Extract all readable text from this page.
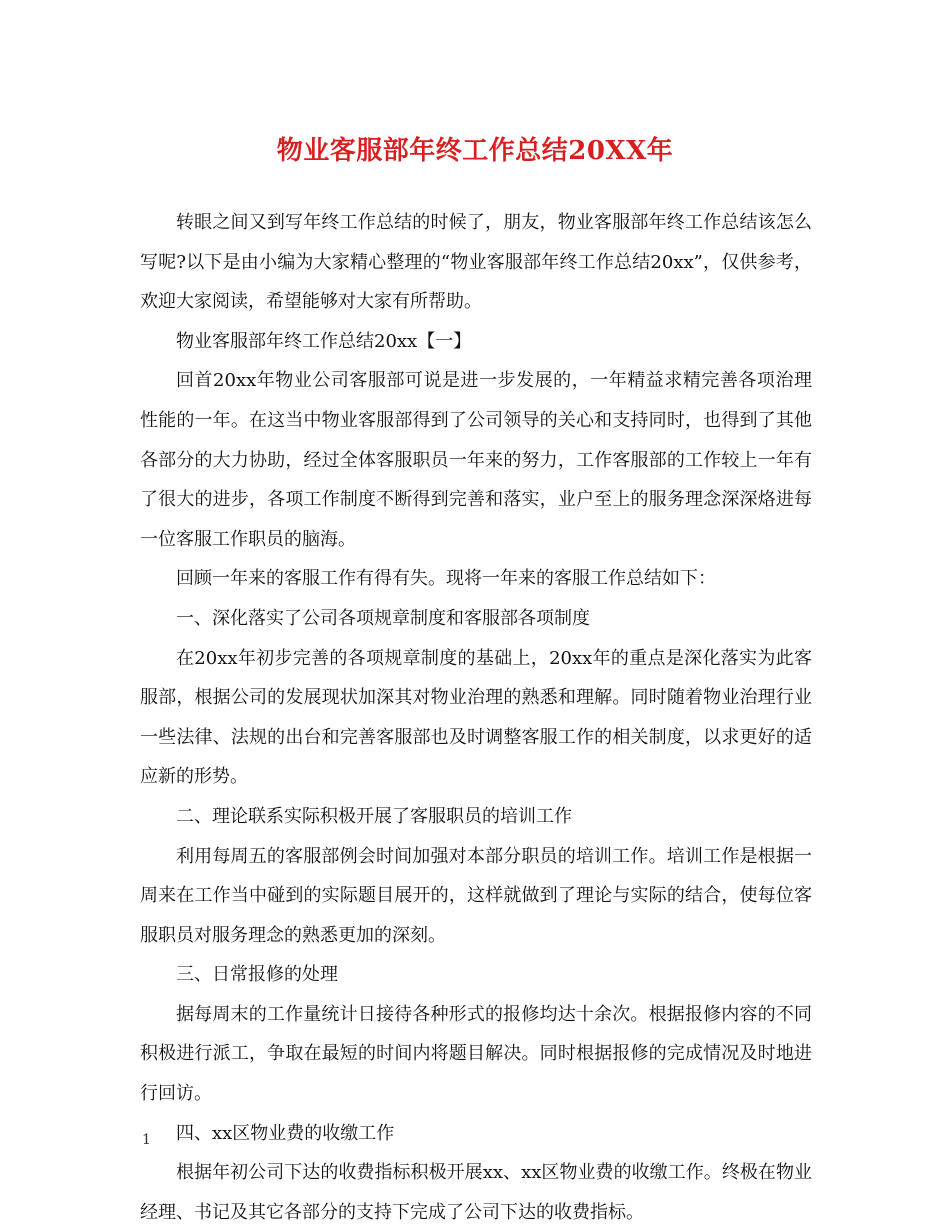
物业客服部年终工作总结20XX年

转眼之间又到写年终工作总结的时候了，朋友，物业客服部年终工作总结该怎么写呢?以下是由小编为大家精心整理的“物业客服部年终工作总结20xx”，仅供参考，欢迎大家阅读，希望能够对大家有所帮助。

物业客服部年终工作总结20xx【一】

回首20xx年物业公司客服部可说是进一步发展的，一年精益求精完善各项治理性能的一年。在这当中物业客服部得到了公司领导的关心和支持同时，也得到了其他各部分的大力协助，经过全体客服职员一年来的努力，工作客服部的工作较上一年有了很大的进步，各项工作制度不断得到完善和落实，业户至上的服务理念深深烙进每一位客服工作职员的脑海。

回顾一年来的客服工作有得有失。现将一年来的客服工作总结如下：

一、深化落实了公司各项规章制度和客服部各项制度

在20xx年初步完善的各项规章制度的基础上，20xx年的重点是深化落实为此客服部，根据公司的发展现状加深其对物业治理的熟悉和理解。同时随着物业治理行业一些法律、法规的出台和完善客服部也及时调整客服工作的相关制度，以求更好的适应新的形势。

二、理论联系实际积极开展了客服职员的培训工作

利用每周五的客服部例会时间加强对本部分职员的培训工作。培训工作是根据一周来在工作当中碰到的实际题目展开的，这样就做到了理论与实际的结合，使每位客服职员对服务理念的熟悉更加的深刻。

三、日常报修的处理

据每周末的工作量统计日接待各种形式的报修均达十余次。根据报修内容的不同积极进行派工，争取在最短的时间内将题目解决。同时根据报修的完成情况及时地进行回访。

四、xx区物业费的收缴工作

根据年初公司下达的收费指标积极开展xx、xx区物业费的收缴工作。终极在物业经理、书记及其它各部分的支持下完成了公司下达的收费指标。

1
